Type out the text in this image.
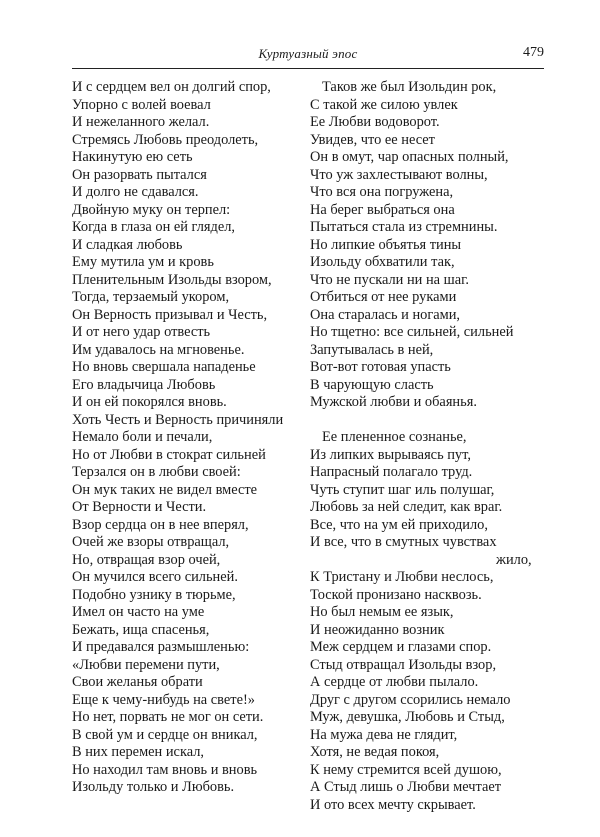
Куртуазный эпос	479
И с сердцем вел он долгий спор,
Упорно с волей воевал
И нежеланного желал.
Стремясь Любовь преодолеть,
Накинутую ею сеть
Он разорвать пытался
И долго не сдавался.
Двойную муку он терпел:
Когда в глаза он ей глядел,
И сладкая любовь
Ему мутила ум и кровь
Пленительным Изольды взором,
Тогда, терзаемый укором,
Он Верность призывал и Честь,
И от него удар отвесть
Им удавалось на мгновенье.
Но вновь свершала нападенье
Его владычица Любовь
И он ей покорялся вновь.
Хоть Честь и Верность причиняли
Немало боли и печали,
Но от Любви в стократ сильней
Терзался он в любви своей:
Он мук таких не видел вместе
От Верности и Чести.
Взор сердца он в нее вперял,
Очей же взоры отвращал,
Но, отвращая взор очей,
Он мучился всего сильней.
Подобно узнику в тюрьме,
Имел он часто на уме
Бежать, ища спасенья,
И предавался размышленью:
«Любви перемени пути,
Свои желанья обрати
Еще к чему-нибудь на свете!»
Но нет, порвать не мог он сети.
В свой ум и сердце он вникал,
В них перемен искал,
Но находил там вновь и вновь
Изольду только и Любовь.
Таков же был Изольдин рок,
С такой же силою увлек
Ее Любви водоворот.
Увидев, что ее несет
Он в омут, чар опасных полный,
Что уж захлестывают волны,
Что вся она погружена,
На берег выбраться она
Пытаться стала из стремнины.
Но липкие объятья тины
Изольду обхватили так,
Что не пускали ни на шаг.
Отбиться от нее руками
Она старалась и ногами,
Но тщетно: все сильней, сильней
Запутывалась в ней,
Вот-вот готовая упасть
В чарующую сласть
Мужской любви и обаянья.
Ее плененное сознанье,
Из липких вырываясь пут,
Напрасный полагало труд.
Чуть ступит шаг иль полушаг,
Любовь за ней следит, как враг.
Все, что на ум ей приходило,
И все, что в смутных чувствах
жило,
К Тристану и Любви неслось,
Тоской пронизано насквозь.
Но был немым ее язык,
И неожиданно возник
Меж сердцем и глазами спор.
Стыд отвращал Изольды взор,
А сердце от любви пылало.
Друг с другом ссорились немало
Муж, девушка, Любовь и Стыд,
На мужа дева не глядит,
Хотя, не ведая покоя,
К нему стремится всей душою,
А Стыд лишь о Любви мечтает
И ото всех мечту скрывает.
